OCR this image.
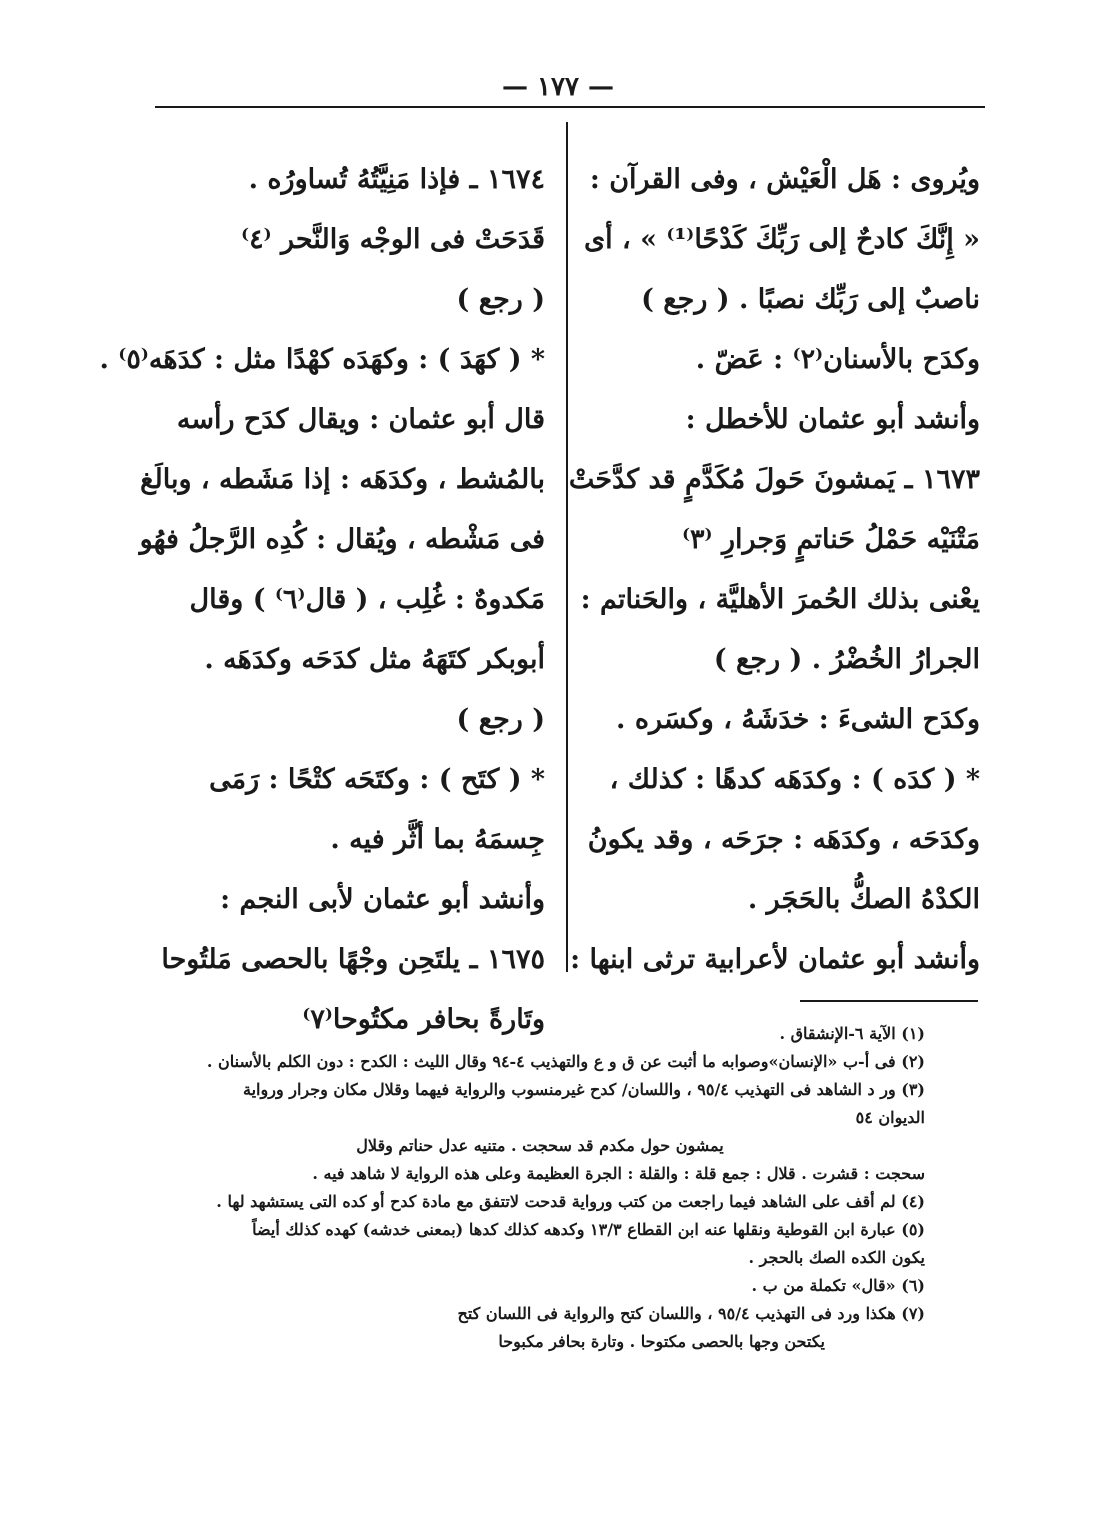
— ١٧٧ —
ويُروى : هَل الْعَيْش ، وفى القرآن :
« إِنَّكَ كادحٌ إلى رَبِّكَ كَدْحًا⁽¹⁾ » ، أى
ناصبٌ إلى رَبِّك نصبًا . ( رجع )
وكدَح بالأسنان⁽٢⁾ : عَضّ .
وأنشد أبو عثمان للأخطل :
١٦٧٣ ـ يَمشونَ حَولَ مُكَدَّمٍ قد كدَّحَتْ
مَتْنَيْه حَمْلُ حَناتمٍ وَجرارِ ⁽٣⁾
يعْنى بذلك الحُمرَ الأهليَّة ، والحَناتم :
الجرارُ الخُضْرُ . ( رجع )
وكدَح الشىءَ : خدَشَهُ ، وكسَره .
* ( كدَه ) : وكدَهَه كدهًا : كذلك ،
وكدَحَه ، وكدَهَه : جرَحَه ، وقد يكونُ
الكدْهُ الصكُّ بالحَجَر .
وأنشد أبو عثمان لأعرابية ترثى ابنها :
١٦٧٤ ـ فإذا مَنِيَّتُهُ تُساورُه .
قَدَحَتْ فى الوجْه وَالنَّحر ⁽٤⁾
( رجع )
* ( كهَدَ ) : وكهَدَه كهْدًا مثل : كدَهَه⁽٥⁾ .
قال أبو عثمان : ويقال كدَح رأسه
بالمُشط ، وكدَهَه : إذا مَشَطه ، وبالَغ
فى مَشْطه ، ويُقال : كُدِه الرَّجلُ فهُو
مَكدوهٌ : غُلِب ، ( قال⁽٦⁾ ) وقال
أبوبكر كتَهَهُ مثل كدَحَه وكدَهَه .
( رجع )
* ( كتَح ) : وكتَحَه كتْحًا : رَمَى
جِسمَهُ بما أثَّر فيه .
وأنشد أبو عثمان لأبى النجم :
١٦٧٥ ـ يلتَحِن وجْهًا بالحصى مَلتُوحا
وتَارةً بحافر مكتُوحا⁽٧⁾	(١) الآية ٦-الإنشقاق .
(٢) فى أ-ب «الإنسان»وصوابه ما أثبت عن ق و ع والتهذيب ٤-٩٤ وقال الليث : الكدح : دون الكلم بالأسنان .
(٣) ور د الشاهد فى التهذيب ٩٥/٤ ، واللسان/ كدح غيرمنسوب والرواية فيهما وقلال مكان وجرار ورواية
الديوان ٥٤
يمشون حول مكدم قد سحجت . متنيه عدل حناتم وقلال
سحجت : قشرت . قلال : جمع قلة : والقلة : الجرة العظيمة وعلى هذه الرواية لا شاهد فيه .
(٤) لم أقف على الشاهد فيما راجعت من كتب ورواية قدحت لاتتفق مع مادة كدح أو كده التى يستشهد لها .
(٥) عبارة ابن القوطية ونقلها عنه ابن القطاع ١٣/٣ وكدهه كذلك كدها (بمعنى خدشه) كهده كذلك أيضاً
يكون الكده الصك بالحجر .
(٦) «قال» تكملة من ب .
(٧) هكذا ورد فى التهذيب ٩٥/٤ ، واللسان كتح والرواية فى اللسان كتح
يكتحن وجها بالحصى مكتوحا . وتارة بحافر مكبوحا
